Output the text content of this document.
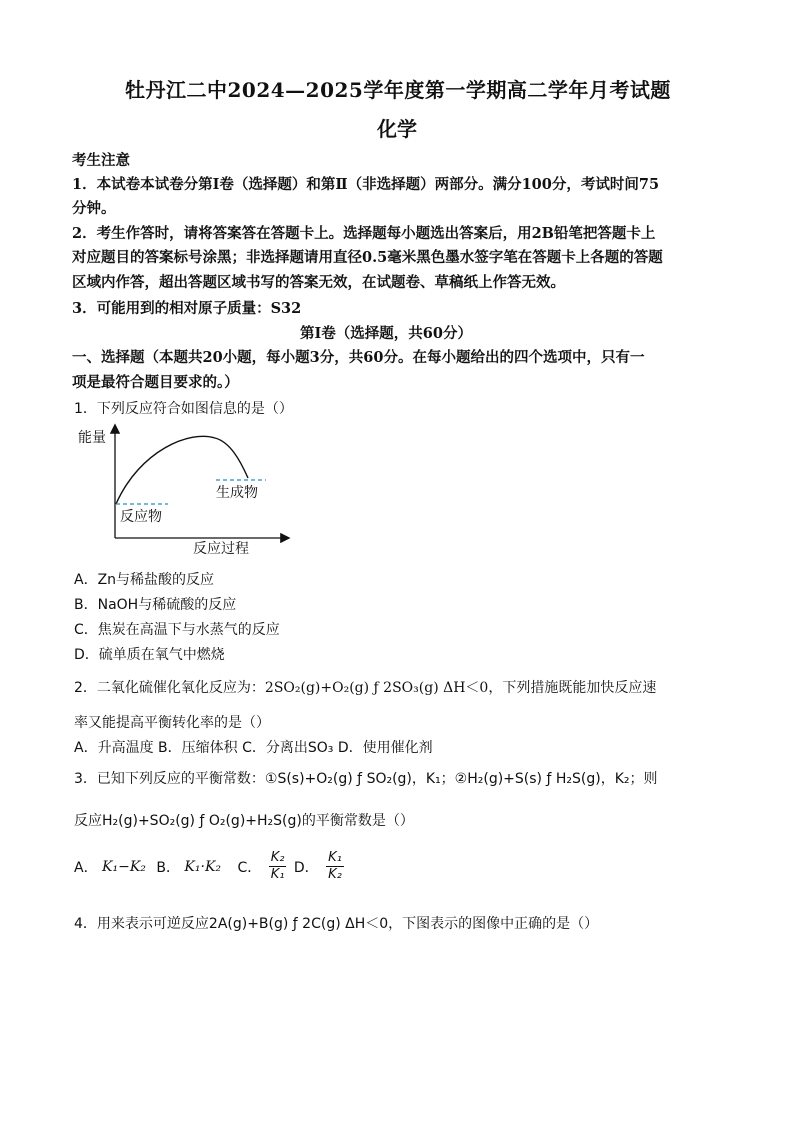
牡丹江二中2024—2025学年度第一学期高二学年月考试题
化学
考生注意
1．本试卷本试卷分第Ⅰ卷（选择题）和第Ⅱ（非选择题）两部分。满分100分，考试时间75
分钟。
2．考生作答时，请将答案答在答题卡上。选择题每小题选出答案后，用2B铅笔把答题卡上
对应题目的答案标号涂黑；非选择题请用直径0.5毫米黑色墨水签字笔在答题卡上各题的答题
区域内作答，超出答题区域书写的答案无效，在试题卷、草稿纸上作答无效。
3．可能用到的相对原子质量：S32
第Ⅰ卷（选择题，共60分）
一、选择题（本题共20小题，每小题3分，共60分。在每小题给出的四个选项中，只有一
项是最符合题目要求的。）
1．下列反应符合如图信息的是（）
能量
反应过程
反应物
生成物
A．Zn与稀盐酸的反应
B．NaOH与稀硫酸的反应
C．焦炭在高温下与水蒸气的反应
D．硫单质在氧气中燃烧
2．二氧化硫催化氧化反应为：2SO₂(g)+O₂(g) ƒ 2SO₃(g) ΔH＜0，下列措施既能加快反应速
率又能提高平衡转化率的是（）
A．升高温度 B．压缩体积 C．分离出SO₃ D．使用催化剂
3．已知下列反应的平衡常数：①S(s)+O₂(g) ƒ SO₂(g)，K₁；②H₂(g)+S(s) ƒ H₂S(g)，K₂；则
反应H₂(g)+SO₂(g) ƒ O₂(g)+H₂S(g)的平衡常数是（）
A． K₁−K₂ B． K₁·K₂ C． $\frac{\text{K₂}}{\text{K₁}}$ D． $\frac{\text{K₁}}{\text{K₂}}$
4．用来表示可逆反应2A(g)+B(g) ƒ 2C(g) ΔH＜0，下图表示的图像中正确的是（）
